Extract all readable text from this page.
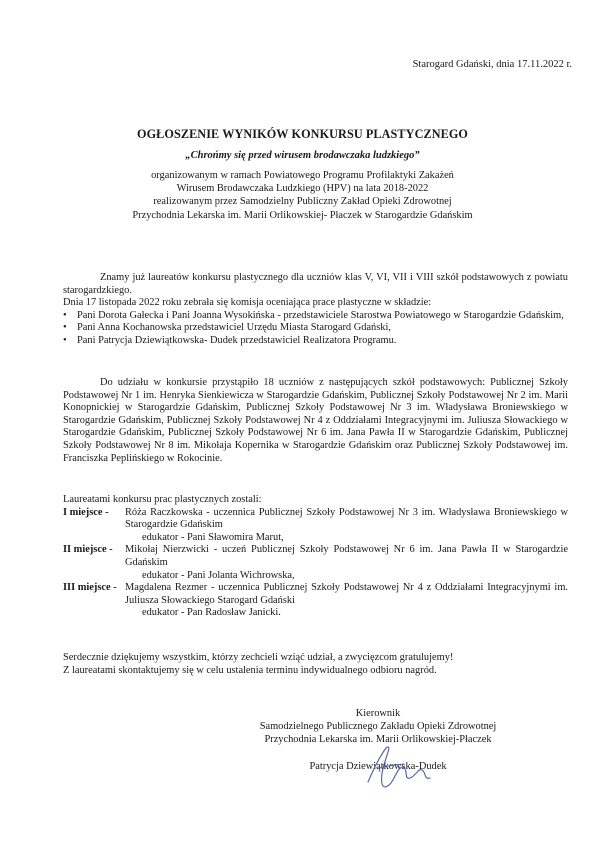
Starogard Gdański, dnia 17.11.2022 r.
OGŁOSZENIE WYNIKÓW KONKURSU PLASTYCZNEGO
„Chrońmy się przed wirusem brodawczaka ludzkiego”
organizowanym w ramach Powiatowego Programu Profilaktyki Zakażeń
Wirusem Brodawczaka Ludzkiego (HPV) na lata 2018-2022
realizowanym przez Samodzielny Publiczny Zakład Opieki Zdrowotnej
Przychodnia Lekarska im. Marii Orlikowskiej- Płaczek w Starogardzie Gdańskim
Znamy już laureatów konkursu plastycznego dla uczniów klas V, VI, VII i VIII szkół podstawowych z powiatu starogardzkiego.
Dnia 17 listopada 2022 roku zebrała się komisja oceniająca prace plastyczne w składzie:
• Pani Dorota Gałecka i Pani Joanna Wysokińska - przedstawiciele Starostwa Powiatowego w Starogardzie Gdańskim,
• Pani Anna Kochanowska przedstawiciel Urzędu Miasta Starogard Gdański,
• Pani Patrycja Dziewiątkowska- Dudek przedstawiciel Realizatora Programu.
Do udziału w konkursie przystąpiło 18 uczniów z następujących szkół podstawowych: Publicznej Szkoły Podstawowej Nr 1 im. Henryka Sienkiewicza w Starogardzie Gdańskim, Publicznej Szkoły Podstawowej Nr 2 im. Marii Konopnickiej w Starogardzie Gdańskim, Publicznej Szkoły Podstawowej Nr 3 im. Władysława Broniewskiego w Starogardzie Gdańskim, Publicznej Szkoły Podstawowej Nr 4 z Oddziałami Integracyjnymi im. Juliusza Słowackiego w Starogardzie Gdańskim, Publicznej Szkoły Podstawowej Nr 6 im. Jana Pawła II w Starogardzie Gdańskim, Publicznej Szkoły Podstawowej Nr 8 im. Mikołaja Kopernika w Starogardzie Gdańskim oraz Publicznej Szkoły Podstawowej im. Franciszka Peplińskiego w Rokocinie.
Laureatami konkursu prac plastycznych zostali:
I miejsce -	Róża Raczkowska - uczennica Publicznej Szkoły Podstawowej Nr 3 im. Władysława Broniewskiego w Starogardzie Gdańskim
edukator - Pani Sławomira Marut,
II miejsce -	Mikołaj Nierzwicki - uczeń Publicznej Szkoły Podstawowej Nr 6 im. Jana Pawła II w Starogardzie Gdańskim
edukator - Pani Jolanta Wichrowska,
III miejsce - Magdalena Rezmer - uczennica Publicznej Szkoły Podstawowej Nr 4 z Oddziałami Integracyjnymi im. Juliusza Słowackiego Starogard Gdański
edukator - Pan Radosław Janicki.
Serdecznie dziękujemy wszystkim, którzy zechcieli wziąć udział, a zwycięzcom gratulujemy!
Z laureatami skontaktujemy się w celu ustalenia terminu indywidualnego odbioru nagród.
Kierownik
Samodzielnego Publicznego Zakładu Opieki Zdrowotnej
Przychodnia Lekarska im. Marii Orlikowskiej-Płaczek
Patrycja Dziewiątkowska-Dudek
